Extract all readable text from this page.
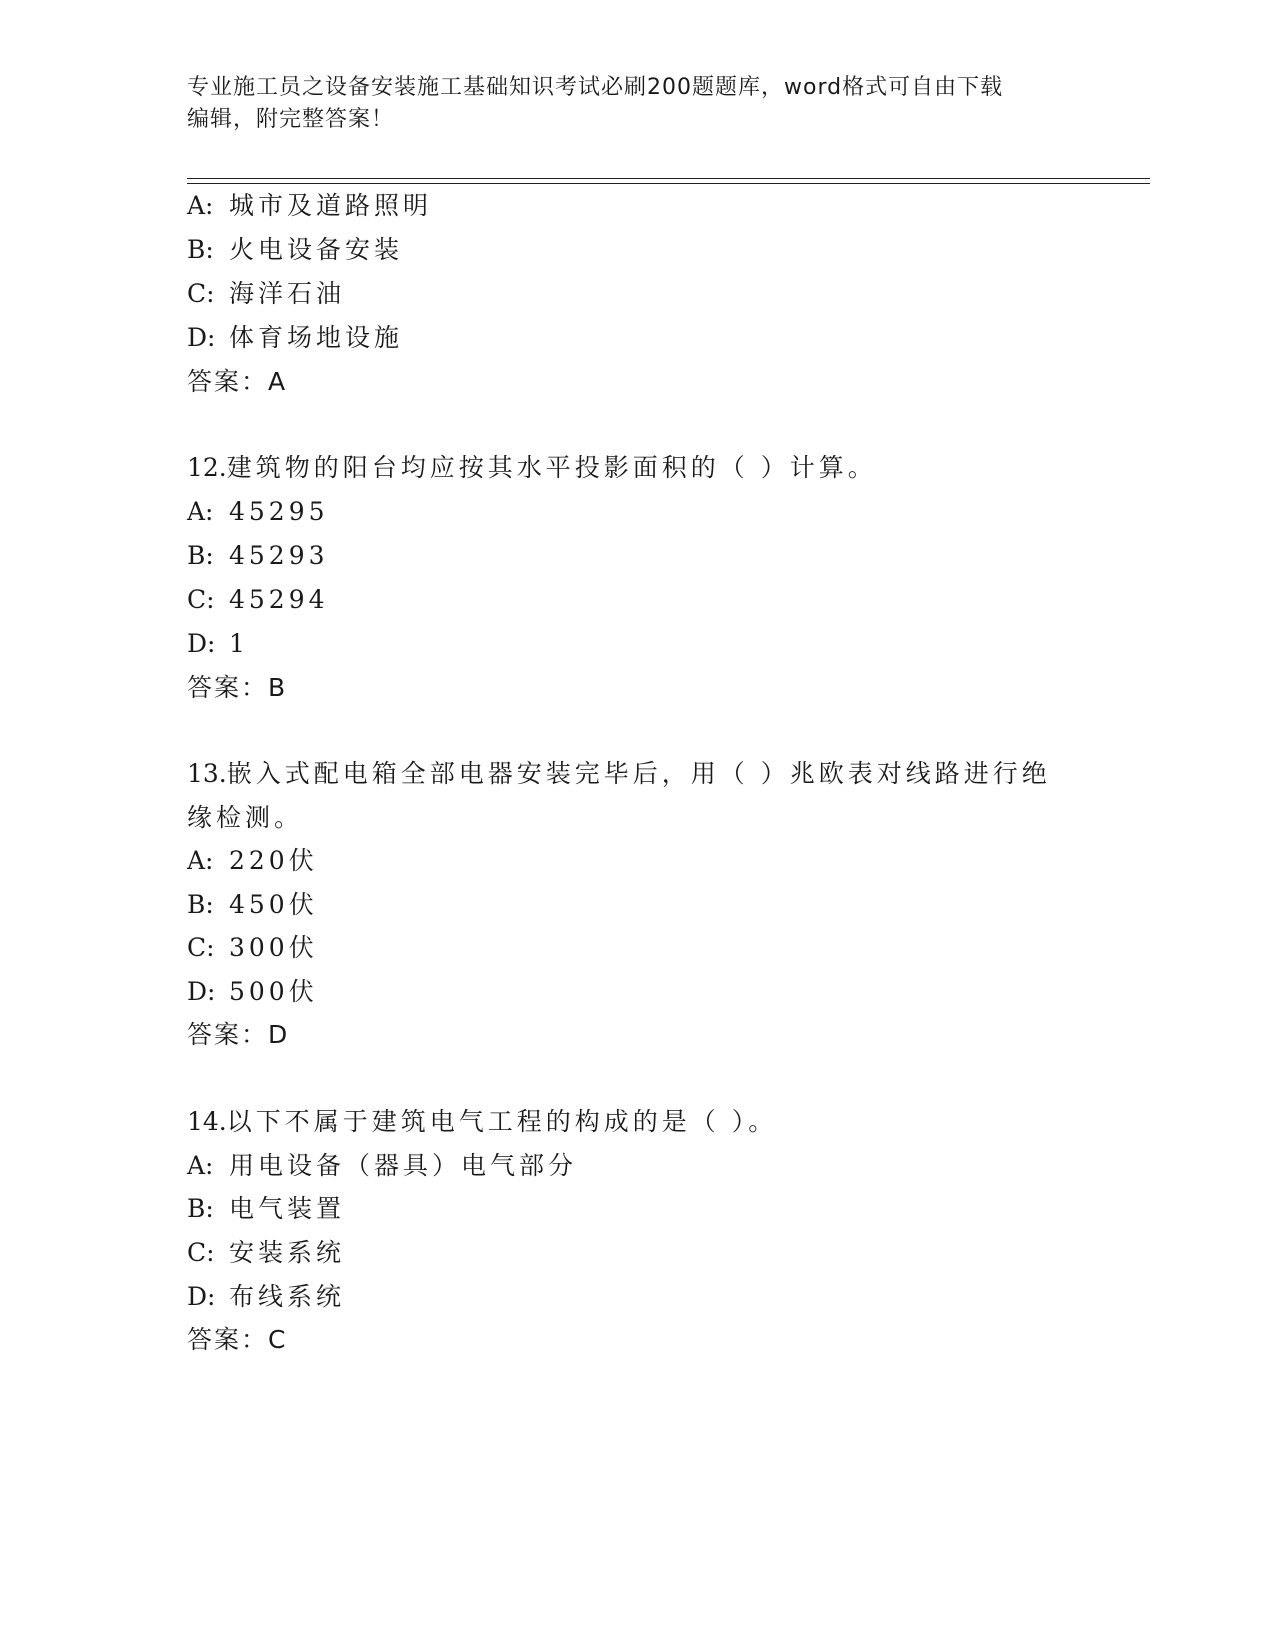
专业施工员之设备安装施工基础知识考试必刷200题题库，word格式可自由下载
编辑，附完整答案！
A: 城市及道路照明
B: 火电设备安装
C: 海洋石油
D: 体育场地设施
答案：A
12.建筑物的阳台均应按其水平投影面积的（ ）计算。
A: 45295
B: 45293
C: 45294
D: 1
答案：B
13.嵌入式配电箱全部电器安装完毕后，用（ ）兆欧表对线路进行绝
缘检测。
A: 220伏
B: 450伏
C: 300伏
D: 500伏
答案：D
14.以下不属于建筑电气工程的构成的是（ ）。
A: 用电设备（器具）电气部分
B: 电气装置
C: 安装系统
D: 布线系统
答案：C
